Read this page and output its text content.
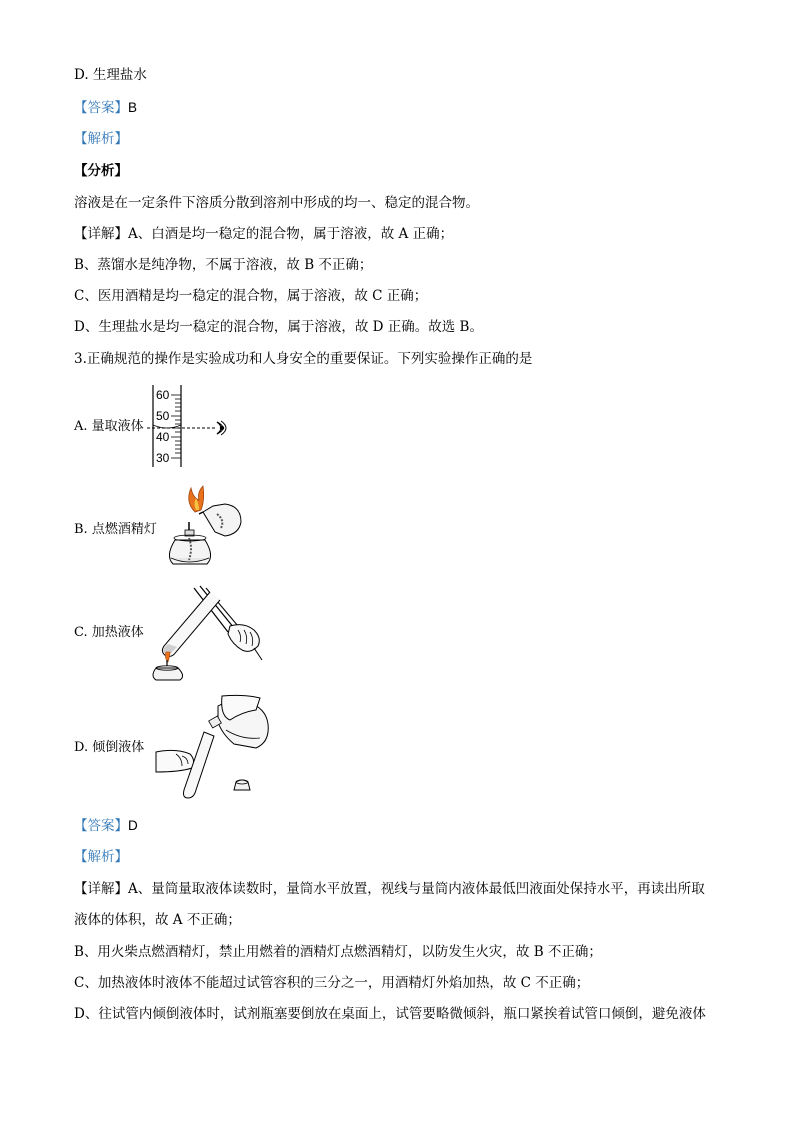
D. 生理盐水
【答案】B
【解析】
【分析】
溶液是在一定条件下溶质分散到溶剂中形成的均一、稳定的混合物。
【详解】A、白酒是均一稳定的混合物，属于溶液，故 A 正确；
B、蒸馏水是纯净物，不属于溶液，故 B 不正确；
C、医用酒精是均一稳定的混合物，属于溶液，故 C 正确；
D、生理盐水是均一稳定的混合物，属于溶液，故 D 正确。故选 B。
3.正确规范的操作是实验成功和人身安全的重要保证。下列实验操作正确的是
A. 量取液体
60
50
40
30
B. 点燃酒精灯
C. 加热液体
D. 倾倒液体
【答案】D
【解析】
【详解】A、量筒量取液体读数时，量筒水平放置，视线与量筒内液体最低凹液面处保持水平，再读出所取
液体的体积，故 A 不正确；
B、用火柴点燃酒精灯，禁止用燃着的酒精灯点燃酒精灯，以防发生火灾，故 B 不正确；
C、加热液体时液体不能超过试管容积的三分之一，用酒精灯外焰加热，故 C 不正确；
D、往试管内倾倒液体时，试剂瓶塞要倒放在桌面上，试管要略微倾斜，瓶口紧挨着试管口倾倒，避免液体
